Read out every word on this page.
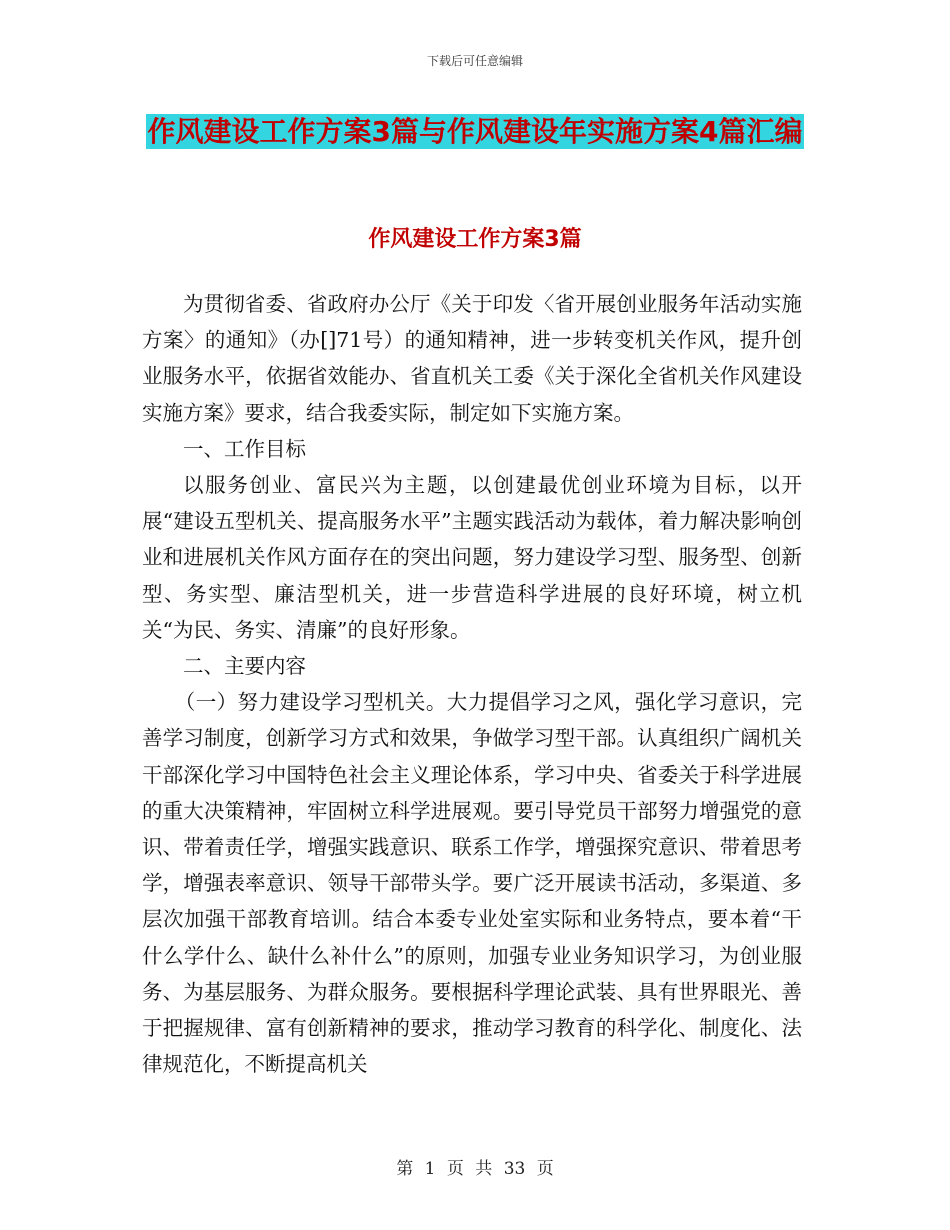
下载后可任意编辑
作风建设工作方案3篇与作风建设年实施方案4篇汇编
作风建设工作方案3篇

为贯彻省委、省政府办公厅《关于印发〈省开展创业服务年活动实施方案〉的通知》（办[]71号）的通知精神，进一步转变机关作风，提升创业服务水平，依据省效能办、省直机关工委《关于深化全省机关作风建设实施方案》要求，结合我委实际，制定如下实施方案。

一、工作目标

以服务创业、富民兴为主题，以创建最优创业环境为目标，以开展“建设五型机关、提高服务水平”主题实践活动为载体，着力解决影响创业和进展机关作风方面存在的突出问题，努力建设学习型、服务型、创新型、务实型、廉洁型机关，进一步营造科学进展的良好环境，树立机关“为民、务实、清廉”的良好形象。

二、主要内容

（一）努力建设学习型机关。大力提倡学习之风，强化学习意识，完善学习制度，创新学习方式和效果，争做学习型干部。认真组织广阔机关干部深化学习中国特色社会主义理论体系，学习中央、省委关于科学进展的重大决策精神，牢固树立科学进展观。要引导党员干部努力增强党的意识、带着责任学，增强实践意识、联系工作学，增强探究意识、带着思考学，增强表率意识、领导干部带头学。要广泛开展读书活动，多渠道、多层次加强干部教育培训。结合本委专业处室实际和业务特点，要本着“干什么学什么、缺什么补什么”的原则，加强专业业务知识学习，为创业服务、为基层服务、为群众服务。要根据科学理论武装、具有世界眼光、善于把握规律、富有创新精神的要求，推动学习教育的科学化、制度化、法律规范化，不断提高机关

第 1 页 共 33 页
